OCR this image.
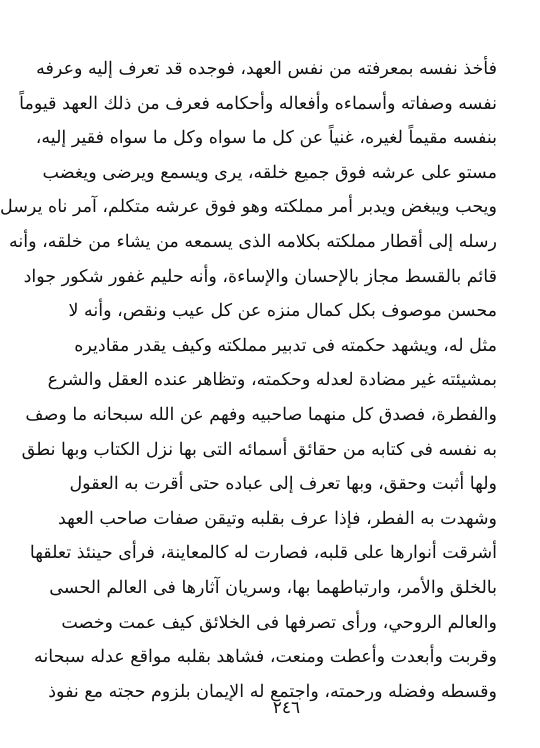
فأخذ نفسه بمعرفته من نفس العهد، فوجده قد تعرف إليه وعرفه
نفسه وصفاته وأسماءه وأفعاله وأحكامه فعرف من ذلك العهد قيوماً
بنفسه مقيماً لغيره، غنياً عن كل ما سواه وكل ما سواه فقير إليه،
مستو على عرشه فوق جميع خلقه، يرى ويسمع ويرضى ويغضب
ويحب ويبغض ويدبر أمر مملكته وهو فوق عرشه متكلم، آمر ناه يرسل
رسله إلى أقطار مملكته بكلامه الذى يسمعه من يشاء من خلقه، وأنه
قائم بالقسط مجاز بالإحسان والإساءة، وأنه حليم غفور شكور جواد
محسن موصوف بكل كمال منزه عن كل عيب ونقص، وأنه لا
مثل له، ويشهد حكمته فى تدبير مملكته وكيف يقدر مقاديره
بمشيئته غير مضادة لعدله وحكمته، وتظاهر عنده العقل والشرع
والفطرة، فصدق كل منهما صاحبيه وفهم عن الله سبحانه ما وصف
به نفسه فى كتابه من حقائق أسمائه التى بها نزل الكتاب وبها نطق
ولها أثبت وحقق، وبها تعرف إلى عباده حتى أقرت به العقول
وشهدت به الفطر، فإذا عرف بقلبه وتيقن صفات صاحب العهد
أشرقت أنوارها على قلبه، فصارت له كالمعاينة، فرأى حينئذ تعلقها
بالخلق والأمر، وارتباطهما بها، وسريان آثارها فى العالم الحسى
والعالم الروحي، ورأى تصرفها فى الخلائق كيف عمت وخصت
وقربت وأبعدت وأعطت ومنعت، فشاهد بقلبه مواقع عدله سبحانه
وقسطه وفضله ورحمته، واجتمع له الإيمان بلزوم حجته مع نفوذ
٢٤٦
